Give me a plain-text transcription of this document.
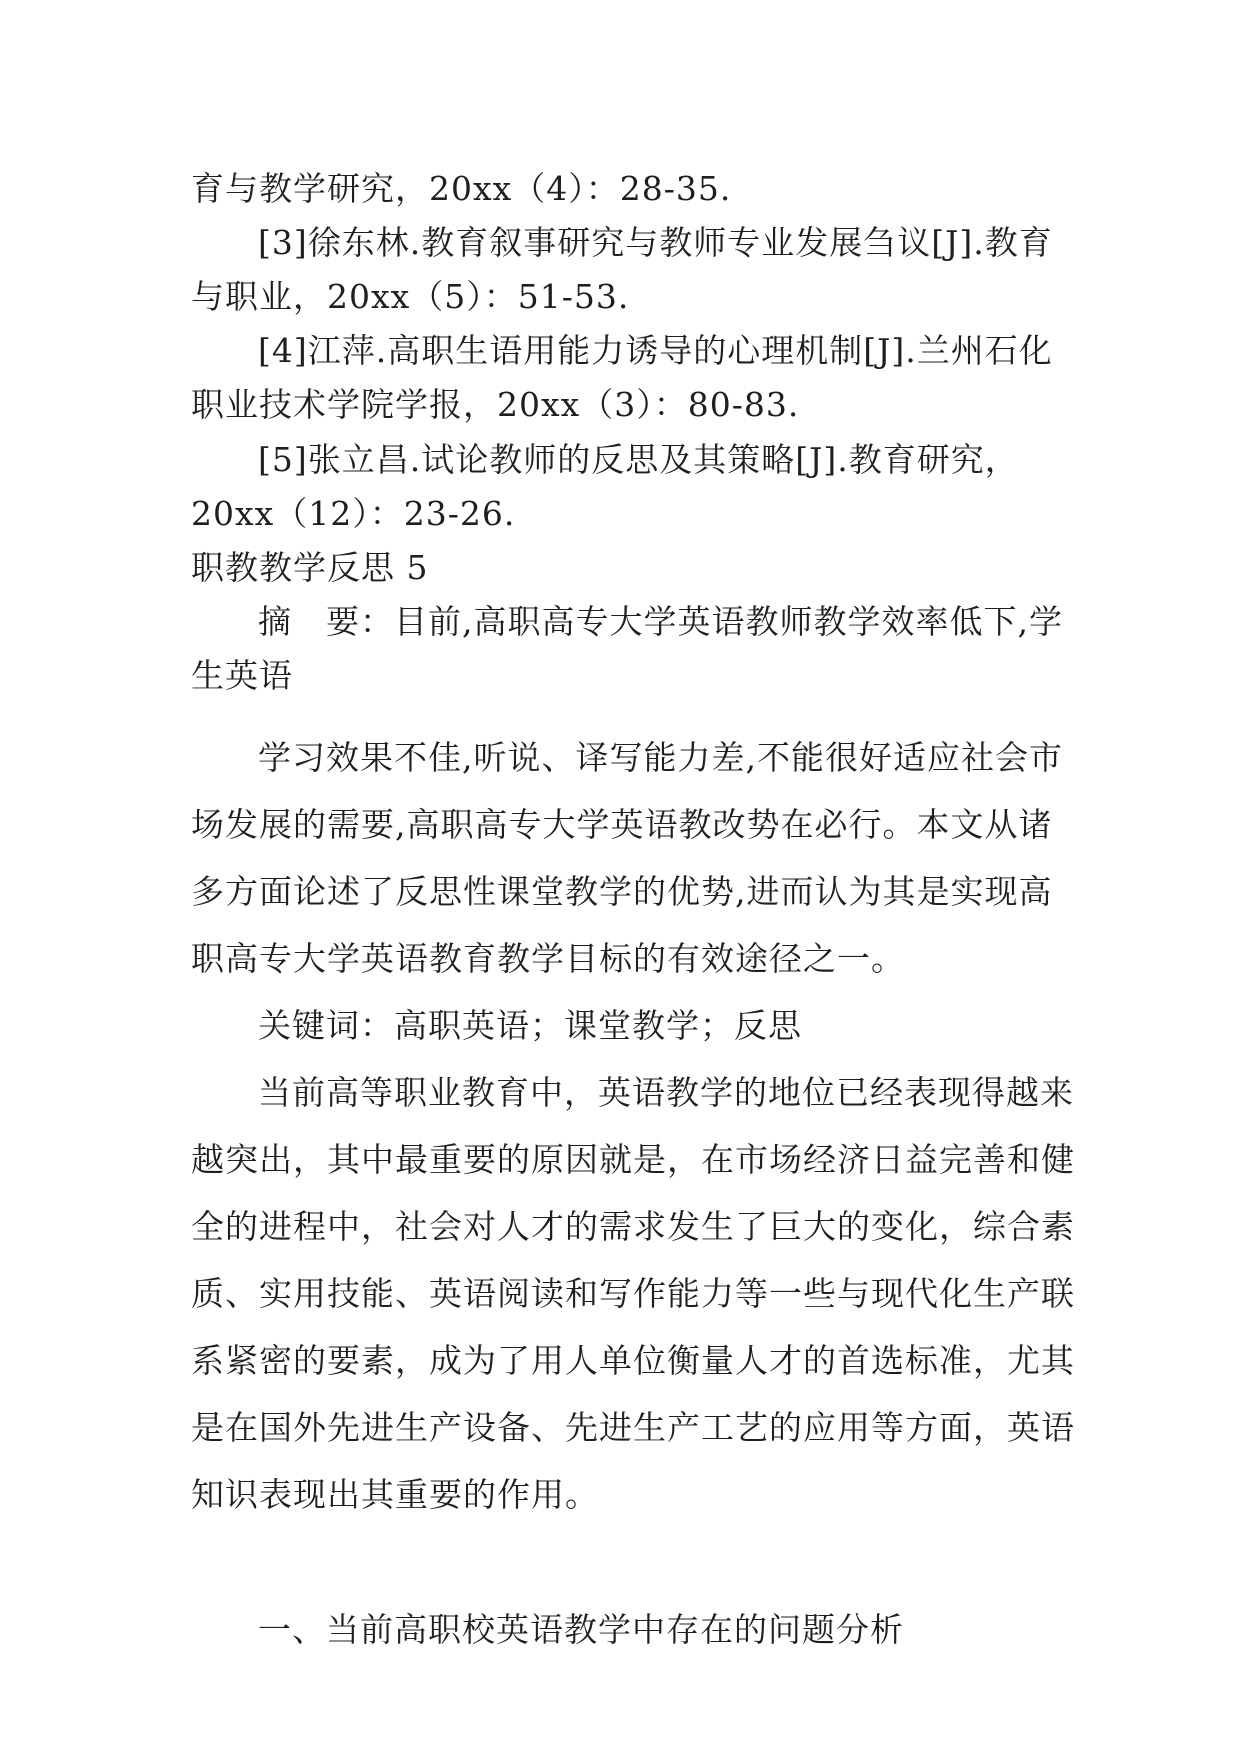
育与教学研究，20xx（4）：28-35.
[3]徐东林.教育叙事研究与教师专业发展刍议[J].教育
与职业，20xx（5）：51-53.
[4]江萍.高职生语用能力诱导的心理机制[J].兰州石化
职业技术学院学报，20xx（3）：80-83.
[5]张立昌.试论教师的反思及其策略[J].教育研究，
20xx（12）：23-26.
职教教学反思 5
摘　要：目前,高职高专大学英语教师教学效率低下,学
生英语
学习效果不佳,听说、译写能力差,不能很好适应社会市
场发展的需要,高职高专大学英语教改势在必行。本文从诸
多方面论述了反思性课堂教学的优势,进而认为其是实现高
职高专大学英语教育教学目标的有效途径之一。
关键词：高职英语；课堂教学；反思
当前高等职业教育中，英语教学的地位已经表现得越来
越突出，其中最重要的原因就是，在市场经济日益完善和健
全的进程中，社会对人才的需求发生了巨大的变化，综合素
质、实用技能、英语阅读和写作能力等一些与现代化生产联
系紧密的要素，成为了用人单位衡量人才的首选标准，尤其
是在国外先进生产设备、先进生产工艺的应用等方面，英语
知识表现出其重要的作用。
一、当前高职校英语教学中存在的问题分析
